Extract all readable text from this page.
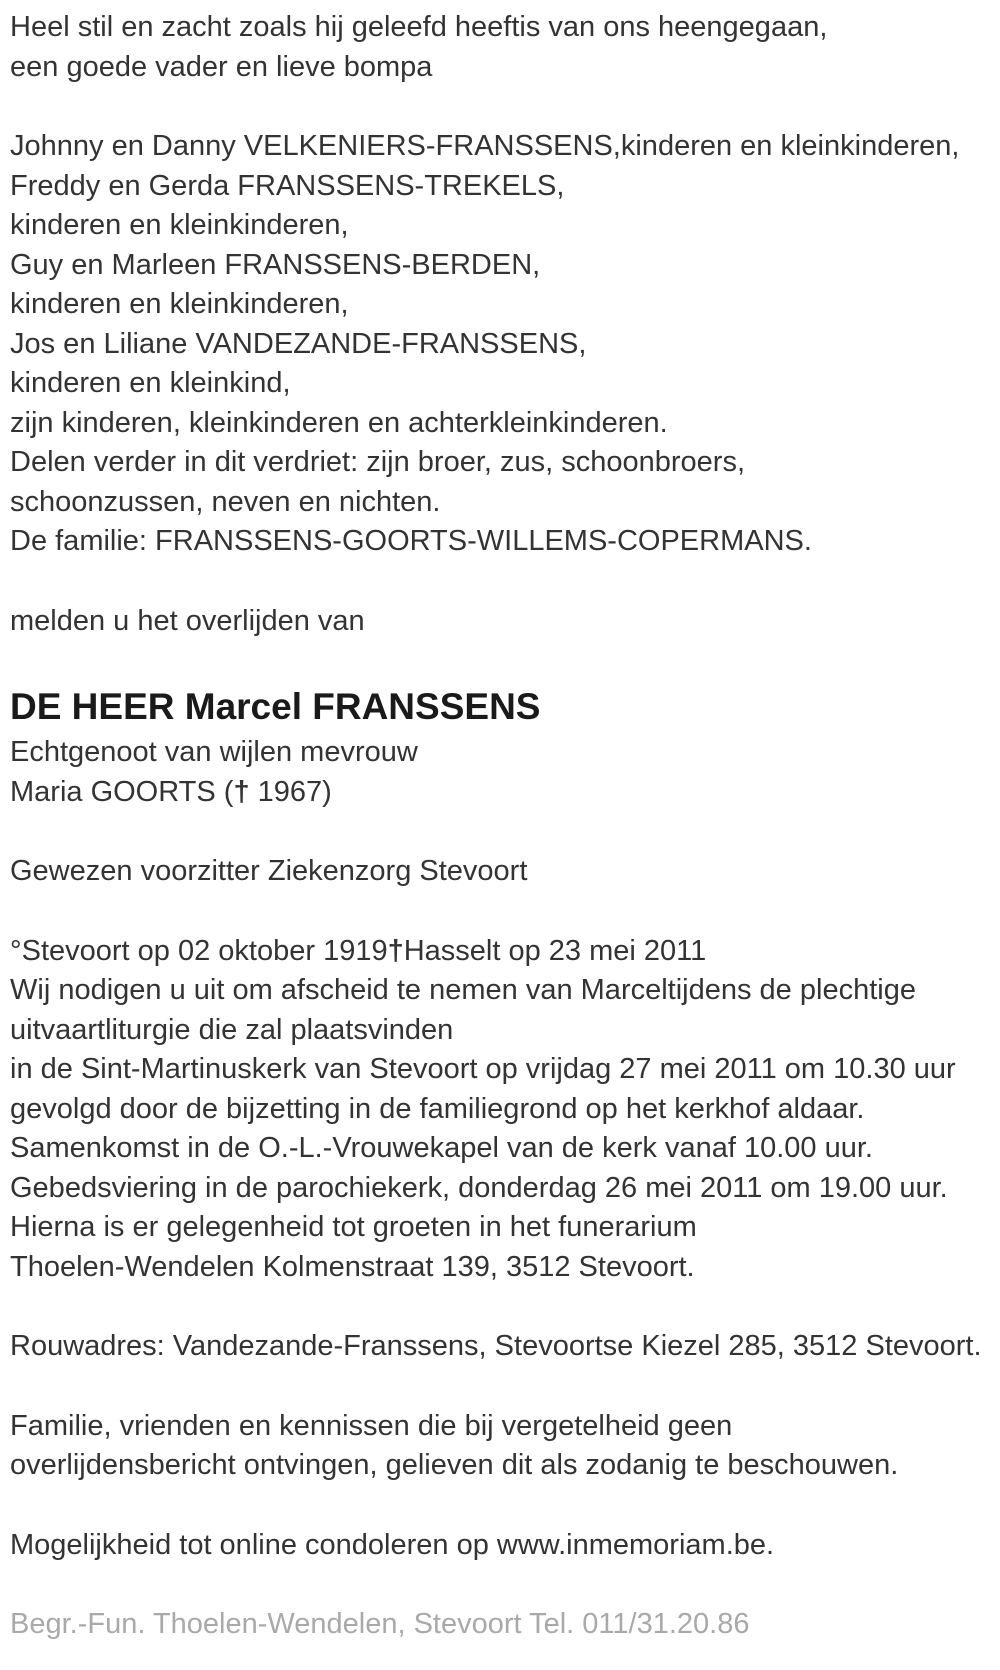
Heel stil en zacht zoals hij geleefd heeftis van ons heengegaan,
een goede vader en lieve bompa
Johnny en Danny VELKENIERS-FRANSSENS,kinderen en kleinkinderen,
Freddy en Gerda FRANSSENS-TREKELS,
kinderen en kleinkinderen,
Guy en Marleen FRANSSENS-BERDEN,
kinderen en kleinkinderen,
Jos en Liliane VANDEZANDE-FRANSSENS,
kinderen en kleinkind,
zijn kinderen, kleinkinderen en achterkleinkinderen.
Delen verder in dit verdriet: zijn broer, zus, schoonbroers,
schoonzussen, neven en nichten.
De familie: FRANSSENS-GOORTS-WILLEMS-COPERMANS.
melden u het overlijden van
DE HEER Marcel FRANSSENS
Echtgenoot van wijlen mevrouw
Maria GOORTS († 1967)
Gewezen voorzitter Ziekenzorg Stevoort
°Stevoort op 02 oktober 1919†Hasselt op 23 mei 2011
Wij nodigen u uit om afscheid te nemen van Marceltijdens de plechtige
uitvaartliturgie die zal plaatsvinden
in de Sint-Martinuskerk van Stevoort op vrijdag 27 mei 2011 om 10.30 uur
gevolgd door de bijzetting in de familiegrond op het kerkhof aldaar.
Samenkomst in de O.-L.-Vrouwekapel van de kerk vanaf 10.00 uur.
Gebedsviering in de parochiekerk, donderdag 26 mei 2011 om 19.00 uur.
Hierna is er gelegenheid tot groeten in het funerarium
Thoelen-Wendelen Kolmenstraat 139, 3512 Stevoort.
Rouwadres: Vandezande-Franssens, Stevoortse Kiezel 285, 3512 Stevoort.
Familie, vrienden en kennissen die bij vergetelheid geen
overlijdensbericht ontvingen, gelieven dit als zodanig te beschouwen.
Mogelijkheid tot online condoleren op www.inmemoriam.be.
Begr.-Fun. Thoelen-Wendelen, Stevoort Tel. 011/31.20.86
